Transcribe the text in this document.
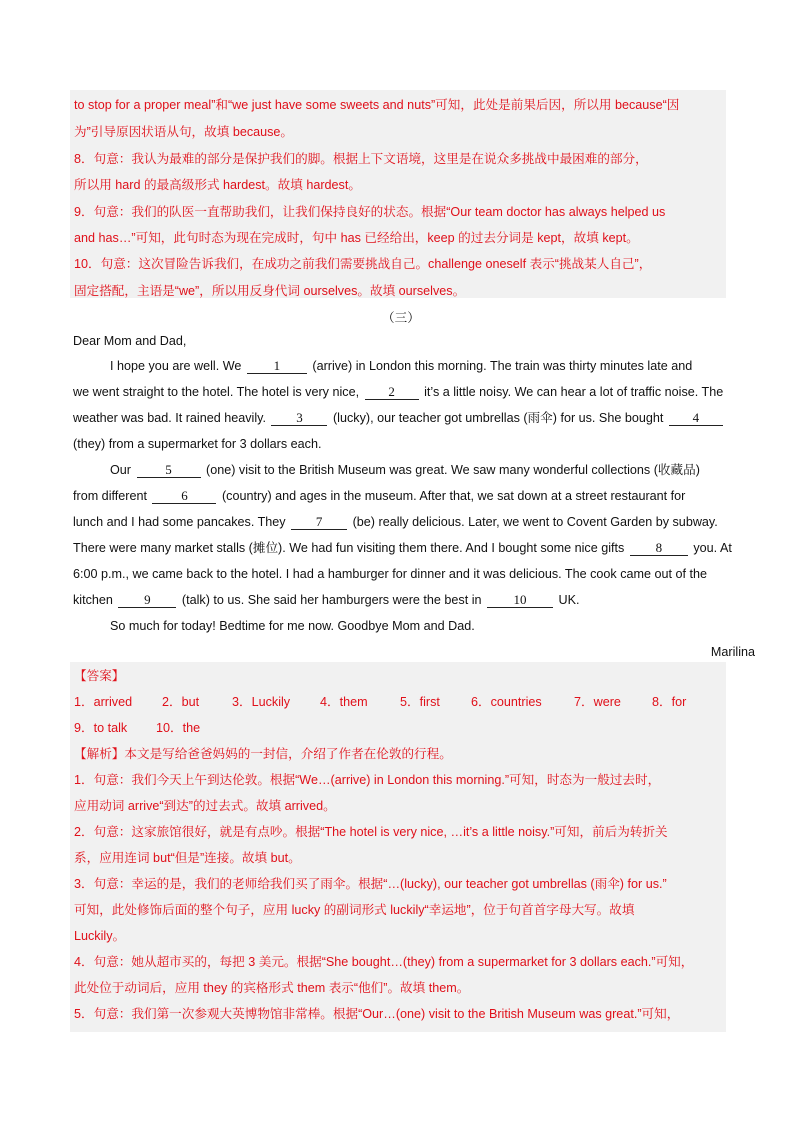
to stop for a proper meal”和“we just have some sweets and nuts”可知，此处是前果后因，所以用 because“因
为”引导原因状语从句，故填 because。
8．句意：我认为最难的部分是保护我们的脚。根据上下文语境，这里是在说众多挑战中最困难的部分，
所以用 hard 的最高级形式 hardest。故填 hardest。
9．句意：我们的队医一直帮助我们，让我们保持良好的状态。根据“Our team doctor has always helped us
and has…”可知，此句时态为现在完成时，句中 has 已经给出，keep 的过去分词是 kept，故填 kept。
10．句意：这次冒险告诉我们，在成功之前我们需要挑战自己。challenge oneself 表示“挑战某人自己”，
固定搭配，主语是“we”，所以用反身代词 ourselves。故填 ourselves。
（三）
Dear Mom and Dad,
I hope you are well. We 1	(arrive) in London this morning. The train was thirty minutes late and
we went straight to the hotel. The hotel is very nice, 2 it’s a little noisy. We can hear a lot of traffic noise. The
weather was bad. It rained heavily. 3 (lucky), our teacher got umbrellas (雨伞) for us. She bought 4
(they) from a supermarket for 3 dollars each.
Our	5	(one) visit to the British Museum was great. We saw many wonderful collections (收藏品)
from different	6	(country) and ages in the museum. After that, we sat down at a street restaurant for
lunch and I had some pancakes. They 7 (be) really delicious. Later, we went to Covent Garden by subway.
There were many market stalls (摊位). We had fun visiting them there. And I bought some nice gifts 8 you. At
6:00 p.m., we came back to the hotel. I had a hamburger for dinner and it was delicious. The cook came out of the
kitchen 9 (talk) to us. She said her hamburgers were the best in 10	UK.
So much for today! Bedtime for me now. Goodbye Mom and Dad.
Marilina
【答案】
1．arrived 2．but	3．Luckily 4．them	5．first 6．countries	7．were 8．for
9．to talk 10．the
【解析】本文是写给爸爸妈妈的一封信，介绍了作者在伦敦的行程。
1．句意：我们今天上午到达伦敦。根据“We…(arrive) in London this morning.”可知，时态为一般过去时，
应用动词 arrive“到达”的过去式。故填 arrived。
2．句意：这家旅馆很好，就是有点吵。根据“The hotel is very nice, …it’s a little noisy.”可知，前后为转折关
系，应用连词 but“但是”连接。故填 but。
3．句意：幸运的是，我们的老师给我们买了雨伞。根据“…(lucky), our teacher got umbrellas (雨伞) for us.”
可知，此处修饰后面的整个句子，应用 lucky 的副词形式 luckily“幸运地”，位于句首首字母大写。故填
Luckily。
4．句意：她从超市买的，每把 3 美元。根据“She bought…(they) from a supermarket for 3 dollars each.”可知，
此处位于动词后，应用 they 的宾格形式 them 表示“他们”。故填 them。
5．句意：我们第一次参观大英博物馆非常棒。根据“Our…(one) visit to the British Museum was great.”可知，
